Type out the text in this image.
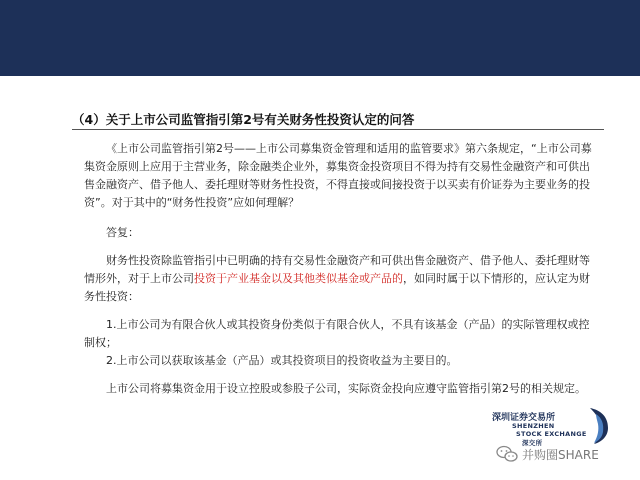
（4）关于上市公司监管指引第2号有关财务性投资认定的问答

《上市公司监管指引第2号——上市公司募集资金管理和适用的监管要求》第六条规定，“上市公司募集资金原则上应用于主营业务，除金融类企业外，募集资金投资项目不得为持有交易性金融资产和可供出售金融资产、借予他人、委托理财等财务性投资，不得直接或间接投资于以买卖有价证券为主要业务的投资”。对于其中的“财务性投资”应如何理解？

答复：

财务性投资除监管指引中已明确的持有交易性金融资产和可供出售金融资产、借予他人、委托理财等情形外，对于上市公司投资于产业基金以及其他类似基金或产品的，如同时属于以下情形的，应认定为财务性投资：

1.上市公司为有限合伙人或其投资身份类似于有限合伙人，不具有该基金（产品）的实际管理权或控制权；

2.上市公司以获取该基金（产品）或其投资项目的投资收益为主要目的。

上市公司将募集资金用于设立控股或参股子公司，实际资金投向应遵守监管指引第2号的相关规定。

深圳证券交易所
SHENZHEN
STOCK EXCHANGE
深交所
并购圈SHARE
